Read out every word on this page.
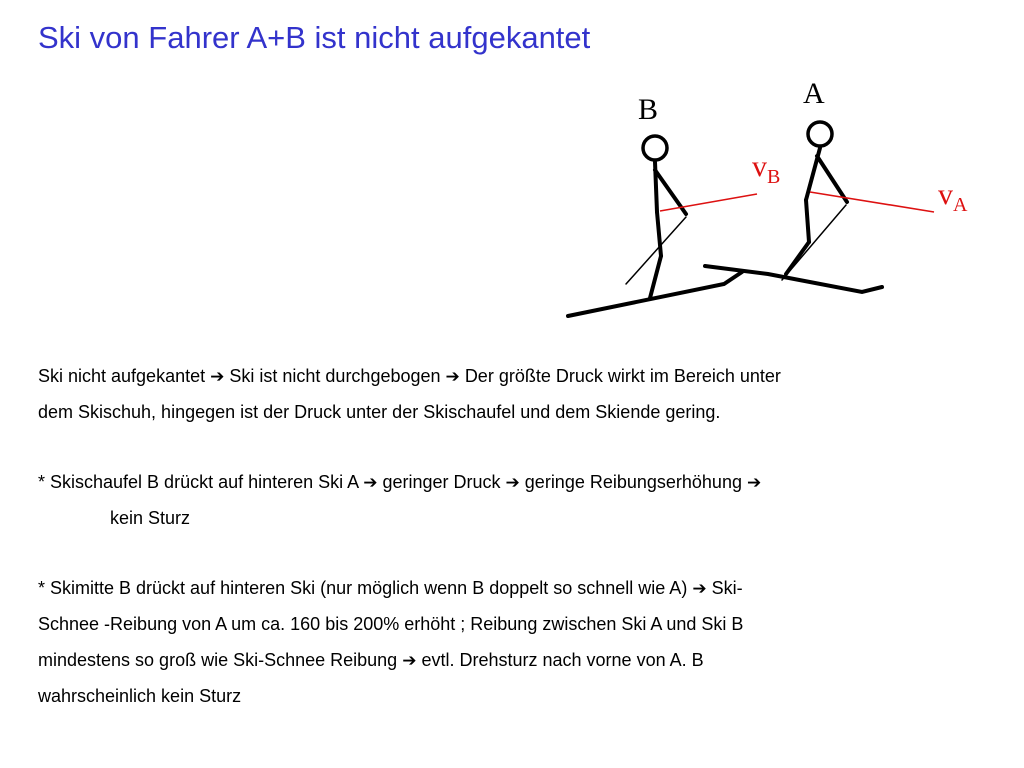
Ski von Fahrer A+B ist nicht aufgekantet
B	A
$v_B$
$v_A$

Ski nicht aufgekantet ➔ Ski ist nicht durchgebogen ➔ Der größte Druck wirkt im Bereich unter

dem Skischuh, hingegen ist der Druck unter der Skischaufel und dem Skiende gering.

* Skischaufel B drückt auf hinteren Ski A ➔ geringer Druck ➔ geringe Reibungserhöhung ➔

kein Sturz

* Skimitte B drückt auf hinteren Ski (nur möglich wenn B doppelt so schnell wie A) ➔ Ski-

Schnee -Reibung von A um ca. 160 bis 200% erhöht ; Reibung zwischen Ski A und Ski B

mindestens so groß wie Ski-Schnee Reibung ➔ evtl. Drehsturz nach vorne von A. B

wahrscheinlich kein Sturz
